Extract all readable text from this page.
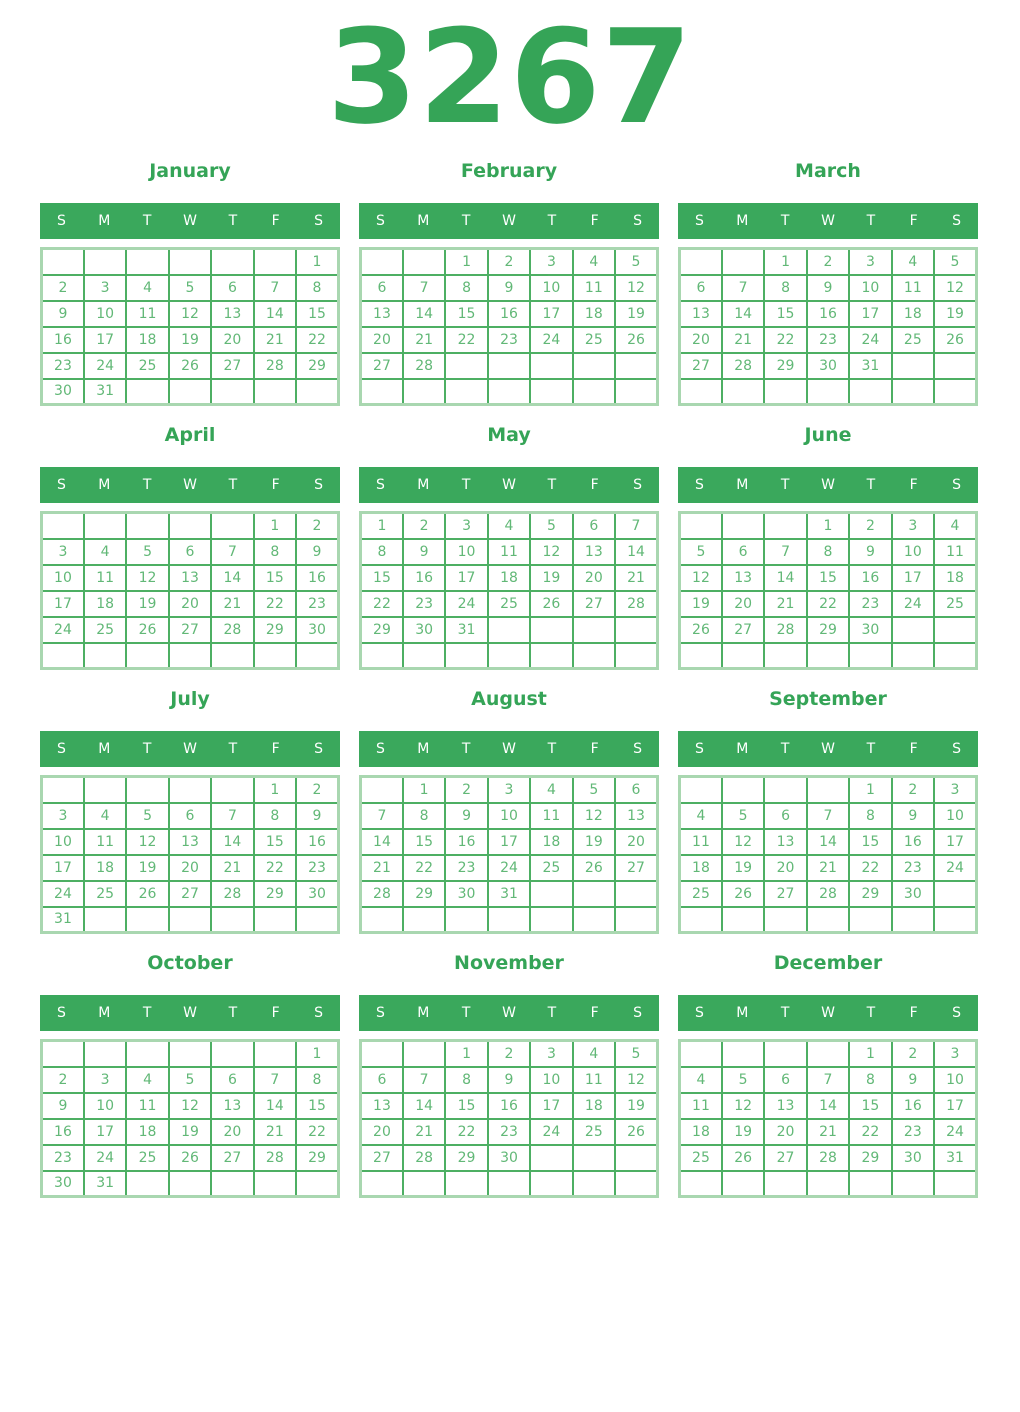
3267
January
S	M	T	W	T	F	S
						1
2	3	4	5	6	7	8
9	10	11	12	13	14	15
16	17	18	19	20	21	22
23	24	25	26	27	28	29
30	31					
February
S	M	T	W	T	F	S
		1	2	3	4	5
6	7	8	9	10	11	12
13	14	15	16	17	18	19
20	21	22	23	24	25	26
27	28					

March
S	M	T	W	T	F	S
		1	2	3	4	5
6	7	8	9	10	11	12
13	14	15	16	17	18	19
20	21	22	23	24	25	26
27	28	29	30	31		

April
S	M	T	W	T	F	S
					1	2
3	4	5	6	7	8	9
10	11	12	13	14	15	16
17	18	19	20	21	22	23
24	25	26	27	28	29	30

May
S	M	T	W	T	F	S
1	2	3	4	5	6	7
8	9	10	11	12	13	14
15	16	17	18	19	20	21
22	23	24	25	26	27	28
29	30	31				

June
S	M	T	W	T	F	S
			1	2	3	4
5	6	7	8	9	10	11
12	13	14	15	16	17	18
19	20	21	22	23	24	25
26	27	28	29	30		

July
S	M	T	W	T	F	S
					1	2
3	4	5	6	7	8	9
10	11	12	13	14	15	16
17	18	19	20	21	22	23
24	25	26	27	28	29	30
31						
August
S	M	T	W	T	F	S
	1	2	3	4	5	6
7	8	9	10	11	12	13
14	15	16	17	18	19	20
21	22	23	24	25	26	27
28	29	30	31			

September
S	M	T	W	T	F	S
				1	2	3
4	5	6	7	8	9	10
11	12	13	14	15	16	17
18	19	20	21	22	23	24
25	26	27	28	29	30	

October
S	M	T	W	T	F	S
						1
2	3	4	5	6	7	8
9	10	11	12	13	14	15
16	17	18	19	20	21	22
23	24	25	26	27	28	29
30	31					
November
S	M	T	W	T	F	S
		1	2	3	4	5
6	7	8	9	10	11	12
13	14	15	16	17	18	19
20	21	22	23	24	25	26
27	28	29	30			

December
S	M	T	W	T	F	S
				1	2	3
4	5	6	7	8	9	10
11	12	13	14	15	16	17
18	19	20	21	22	23	24
25	26	27	28	29	30	31
